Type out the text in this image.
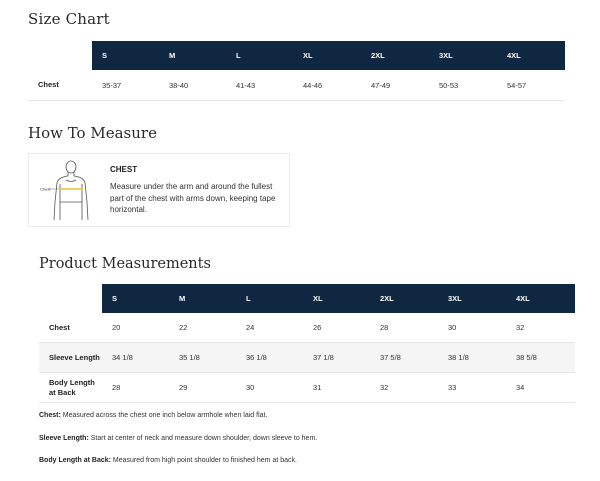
Size Chart
	S	M	L	XL	2XL	3XL	4XL
Chest	35-37	38-40	41-43	44-46	47-49	50-53	54-57
How To Measure
Chest
CHEST
Measure under the arm and around the fullest part of the chest with arms down, keeping tape horizontal.
Product Measurements
	S	M	L	XL	2XL	3XL	4XL
Chest	20	22	24	26	28	30	32
Sleeve Length	34 1/8	35 1/8	36 1/8	37 1/8	37 5/8	38 1/8	38 5/8
Body Length at Back	28	29	30	31	32	33	34
Chest: Measured across the chest one inch below armhole when laid flat.
Sleeve Length: Start at center of neck and measure down shoulder, down sleeve to hem.
Body Length at Back: Measured from high point shoulder to finished hem at back.
